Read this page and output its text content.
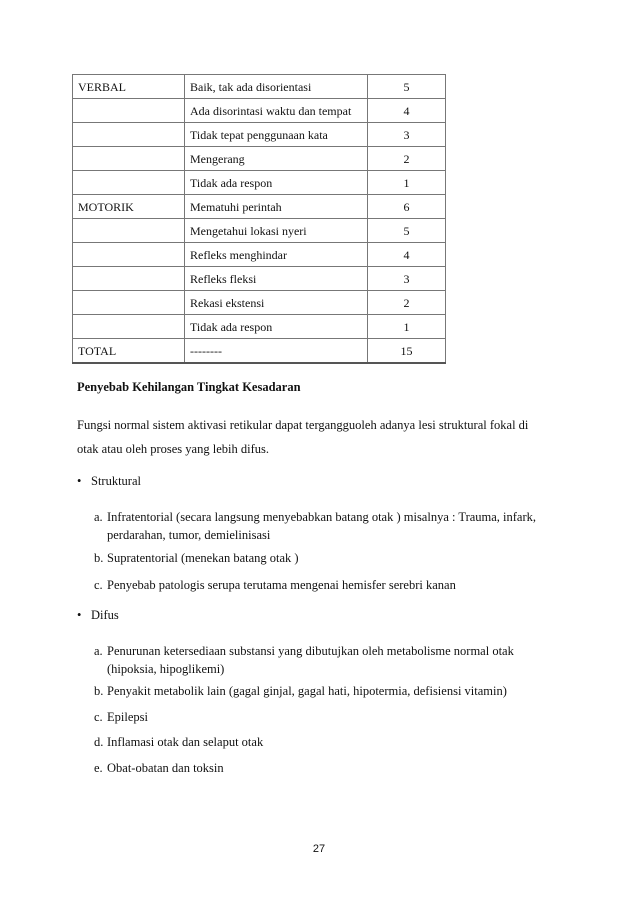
VERBAL	Baik, tak ada disorientasi	5
	Ada disorintasi waktu dan tempat	4
	Tidak tepat penggunaan kata	3
	Mengerang	2
	Tidak ada respon	1
MOTORIK	Mematuhi perintah	6
	Mengetahui lokasi nyeri	5
	Refleks menghindar	4
	Refleks fleksi	3
	Rekasi ekstensi	2
	Tidak ada respon	1
TOTAL	--------	15
Penyebab Kehilangan Tingkat Kesadaran
Fungsi normal sistem aktivasi retikular dapat tergangguoleh adanya lesi struktural fokal di
otak atau oleh proses yang lebih difus.
• Struktural
a. Infratentorial (secara langsung menyebabkan batang otak ) misalnya : Trauma, infark, perdarahan, tumor, demielinisasi
b. Supratentorial (menekan batang otak )
c. Penyebab patologis serupa terutama mengenai hemisfer serebri kanan
• Difus
a. Penurunan ketersediaan substansi yang dibutujkan oleh metabolisme normal otak (hipoksia, hipoglikemi)
b. Penyakit metabolik lain (gagal ginjal, gagal hati, hipotermia, defisiensi vitamin)
c. Epilepsi
d. Inflamasi otak dan selaput otak
e. Obat-obatan dan toksin
27
